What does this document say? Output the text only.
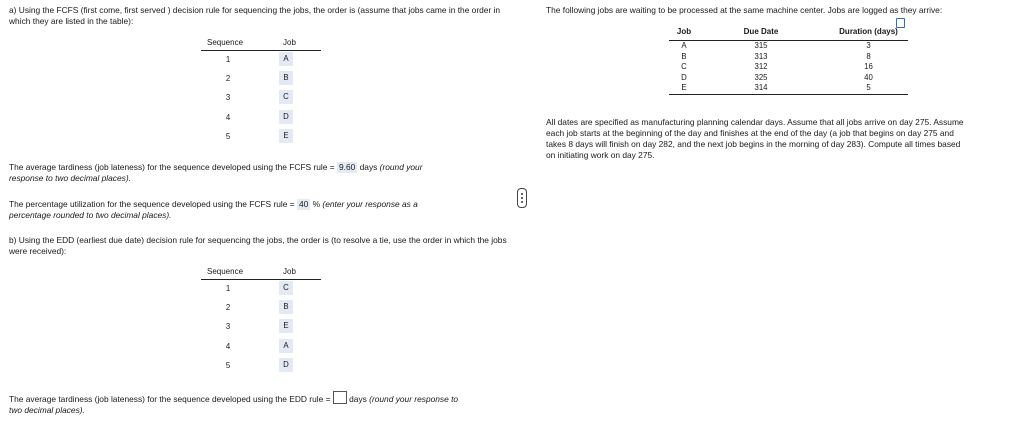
a) Using the FCFS (first come, first served ) decision rule for sequencing the jobs, the order is (assume that jobs came in the order in which they are listed in the table):
Sequence	Job
1	A
2	B
3	C
4	D
5	E
The average tardiness (job lateness) for the sequence developed using the FCFS rule = 9.60 days (round your
response to two decimal places).
The percentage utilization for the sequence developed using the FCFS rule = 40 % (enter your response as a
percentage rounded to two decimal places).
b) Using the EDD (earliest due date) decision rule for sequencing the jobs, the order is (to resolve a tie, use the order in which the jobs were received):
Sequence	Job
1	C
2	B
3	E
4	A
5	D
The average tardiness (job lateness) for the sequence developed using the EDD rule = days (round your response to
two decimal places).
The following jobs are waiting to be processed at the same machine center. Jobs are logged as they arrive:
Job	Due Date	Duration (days)
A	315	3
B	313	8
C	312	16
D	325	40
E	314	5
All dates are specified as manufacturing planning calendar days. Assume that all jobs arrive on day 275. Assume
each job starts at the beginning of the day and finishes at the end of the day (a job that begins on day 275 and
takes 8 days will finish on day 282, and the next job begins in the morning of day 283). Compute all times based
on initiating work on day 275.
